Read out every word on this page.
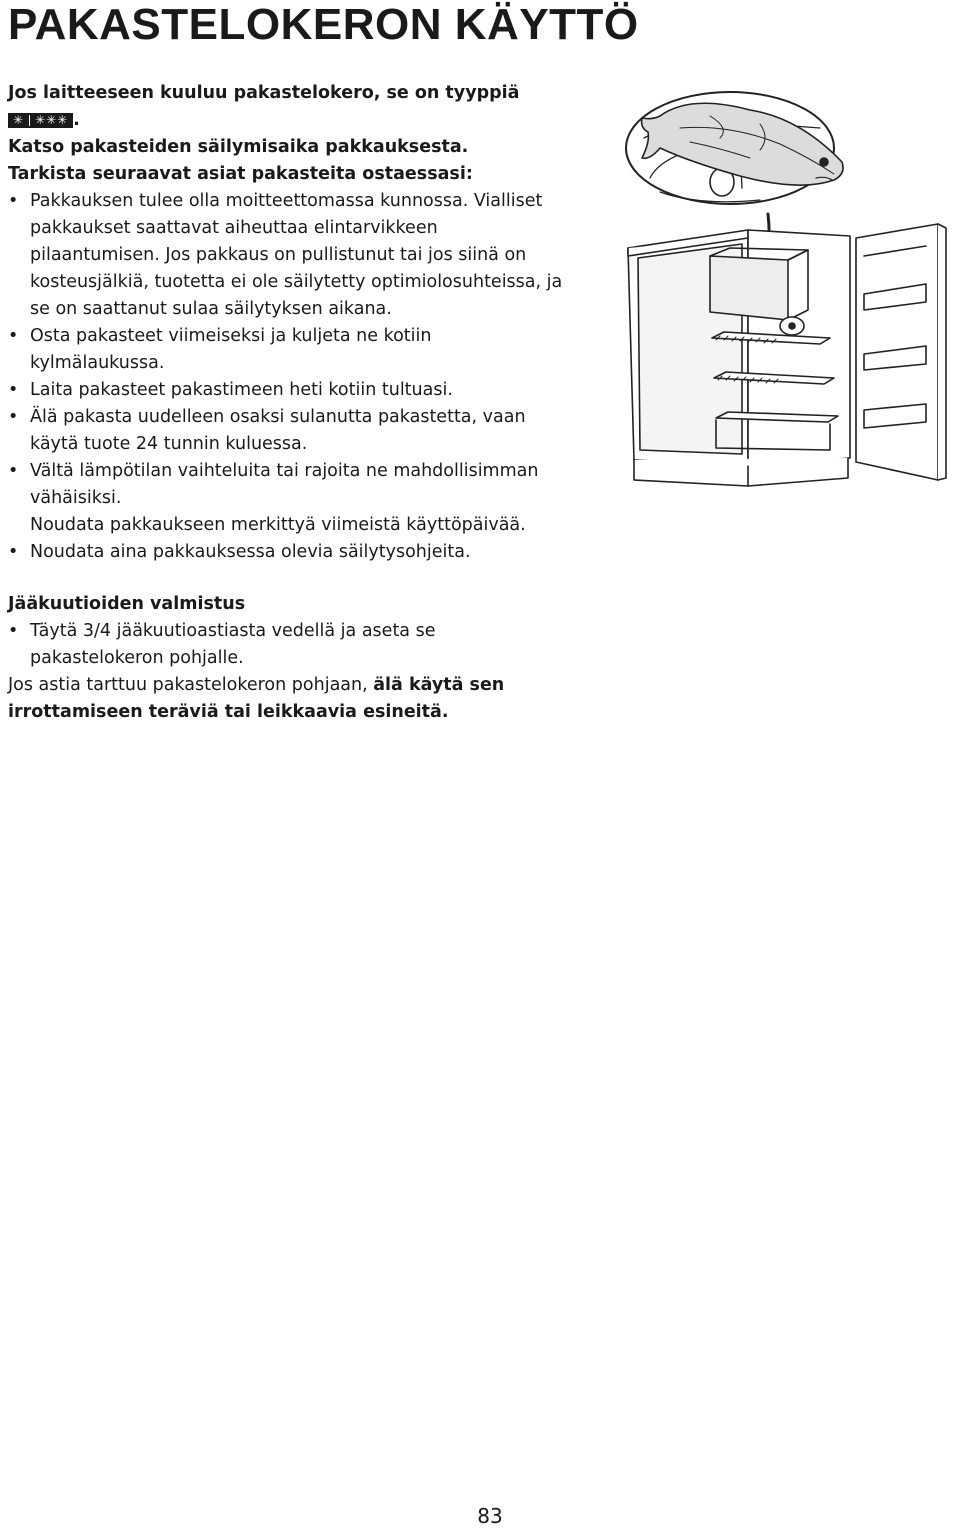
PAKASTELOKERON KÄYTTÖ

Jos laitteeseen kuuluu pakastelokero, se on tyyppiä

✳ ✳✳✳ .

Katso pakasteiden säilymisaika pakkauksesta.

Tarkista seuraavat asiat pakasteita ostaessasi:

• Pakkauksen tulee olla moitteettomassa kunnossa. Vialliset pakkaukset saattavat aiheuttaa elintarvikkeen pilaantumisen. Jos pakkaus on pullistunut tai jos siinä on kosteusjälkiä, tuotetta ei ole säilytetty optimiolosuhteissa, ja se on saattanut sulaa säilytyksen aikana.
• Osta pakasteet viimeiseksi ja kuljeta ne kotiin kylmälaukussa.
• Laita pakasteet pakastimeen heti kotiin tultuasi.
• Älä pakasta uudelleen osaksi sulanutta pakastetta, vaan käytä tuote 24 tunnin kuluessa.
• Vältä lämpötilan vaihteluita tai rajoita ne mahdollisimman vähäisiksi.

Noudata pakkaukseen merkittyä viimeistä käyttöpäivää.

• Noudata aina pakkauksessa olevia säilytysohjeita.

Jääkuutioiden valmistus

• Täytä 3/4 jääkuutioastiasta vedellä ja aseta se pakastelokeron pohjalle.

Jos astia tarttuu pakastelokeron pohjaan, älä käytä sen irrottamiseen teräviä tai leikkaavia esineitä.

83
